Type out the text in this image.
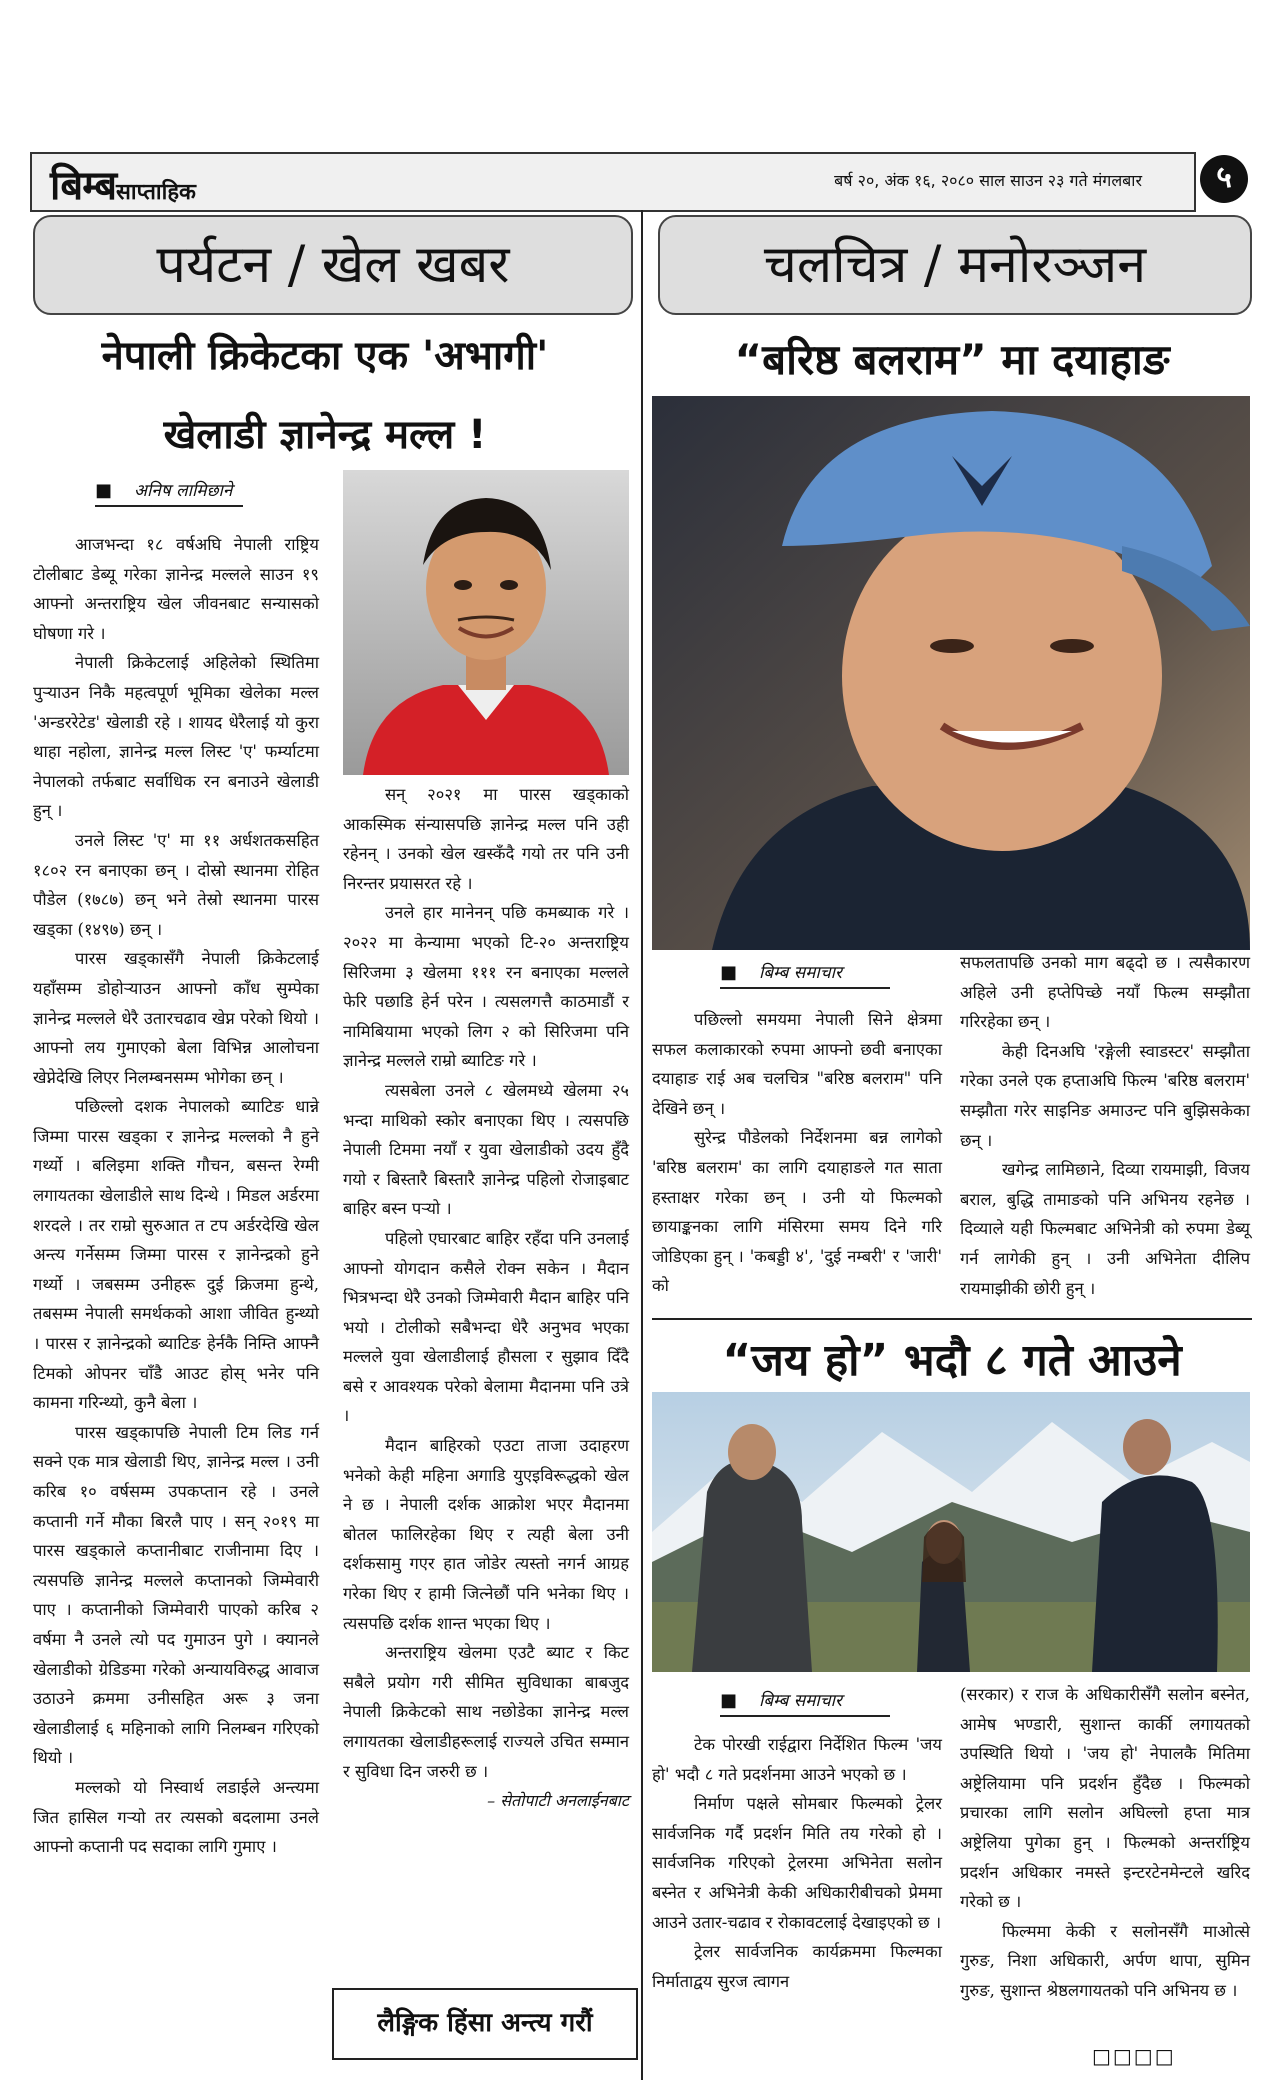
बिम्बसाप्ताहिक	बर्ष २०, अंक १६, २०८० साल साउन २३ गते मंगलबार	५
पर्यटन / खेल खबर	चलचित्र / मनोरञ्जन
नेपाली क्रिकेटका एक 'अभागी'
खेलाडी ज्ञानेन्द्र मल्ल !
■ अनिष लामिछाने

आजभन्दा १८ वर्षअघि नेपाली राष्ट्रिय टोलीबाट डेब्यू गरेका ज्ञानेन्द्र मल्लले साउन १९ आफ्नो अन्तराष्ट्रिय खेल जीवनबाट सन्यासको घोषणा गरे ।

नेपाली क्रिकेटलाई अहिलेको स्थितिमा पुऱ्याउन निकै महत्वपूर्ण भूमिका खेलेका मल्ल 'अन्डररेटेड' खेलाडी रहे । शायद धेरैलाई यो कुरा थाहा नहोला, ज्ञानेन्द्र मल्ल लिस्ट 'ए' फर्म्याटमा नेपालको तर्फबाट सर्वाधिक रन बनाउने खेलाडी हुन् ।

उनले लिस्ट 'ए' मा ११ अर्धशतकसहित १८०२ रन बनाएका छन् । दोस्रो स्थानमा रोहित पौडेल (१७८७) छन् भने तेस्रो स्थानमा पारस खड्का (१४९७) छन् ।

पारस खड्कासँगै नेपाली क्रिकेटलाई यहाँसम्म डोहोऱ्याउन आफ्नो काँध सुम्पेका ज्ञानेन्द्र मल्लले धेरै उतारचढाव खेप्न परेको थियो । आफ्नो लय गुमाएको बेला विभिन्न आलोचना खेप्नेदेखि लिएर निलम्बनसम्म भोगेका छन् ।

पछिल्लो दशक नेपालको ब्याटिङ धान्ने जिम्मा पारस खड्का र ज्ञानेन्द्र मल्लको नै हुने गर्थ्यो । बलिइमा शक्ति गौचन, बसन्त रेग्मी लगायतका खेलाडीले साथ दिन्थे । मिडल अर्डरमा शरदले । तर राम्रो सुरुआत त टप अर्डरदेखि खेल अन्त्य गर्नेसम्म जिम्मा पारस र ज्ञानेन्द्रको हुने गर्थ्यो । जबसम्म उनीहरू दुई क्रिजमा हुन्थे, तबसम्म नेपाली समर्थकको आशा जीवित हुन्थ्यो । पारस र ज्ञानेन्द्रको ब्याटिङ हेर्नकै निम्ति आफ्नै टिमको ओपनर चाँडै आउट होस् भनेर पनि कामना गरिन्थ्यो, कुनै बेला ।

पारस खड्कापछि नेपाली टिम लिड गर्न सक्ने एक मात्र खेलाडी थिए, ज्ञानेन्द्र मल्ल । उनी करिब १० वर्षसम्म उपकप्तान रहे । उनले कप्तानी गर्ने मौका बिरलै पाए । सन् २०१९ मा पारस खड्काले कप्तानीबाट राजीनामा दिए । त्यसपछि ज्ञानेन्द्र मल्लले कप्तानको जिम्मेवारी पाए । कप्तानीको जिम्मेवारी पाएको करिब २ वर्षमा नै उनले त्यो पद गुमाउन पुगे । क्यानले खेलाडीको ग्रेडिङमा गरेको अन्यायविरुद्ध आवाज उठाउने क्रममा उनीसहित अरू ३ जना खेलाडीलाई ६ महिनाको लागि निलम्बन गरिएको थियो ।

मल्लको यो निस्वार्थ लडाईले अन्त्यमा जित हासिल गऱ्यो तर त्यसको बदलामा उनले आफ्नो कप्तानी पद सदाका लागि गुमाए ।

सन् २०२१ मा पारस खड्काको आकस्मिक संन्यासपछि ज्ञानेन्द्र मल्ल पनि उही रहेनन् । उनको खेल खस्कँदै गयो तर पनि उनी निरन्तर प्रयासरत रहे ।

उनले हार मानेनन् पछि कमब्याक गरे । २०२२ मा केन्यामा भएको टि-२० अन्तराष्ट्रिय सिरिजमा ३ खेलमा १११ रन बनाएका मल्लले फेरि पछाडि हेर्न परेन । त्यसलगत्तै काठमाडौं र नामिबियामा भएको लिग २ को सिरिजमा पनि ज्ञानेन्द्र मल्लले राम्रो ब्याटिङ गरे ।

त्यसबेला उनले ८ खेलमध्ये खेलमा २५ भन्दा माथिको स्कोर बनाएका थिए । त्यसपछि नेपाली टिममा नयाँ र युवा खेलाडीको उदय हुँदै गयो र बिस्तारै बिस्तारै ज्ञानेन्द्र पहिलो रोजाइबाट बाहिर बस्न पऱ्यो ।

पहिलो एघारबाट बाहिर रहँदा पनि उनलाई आफ्नो योगदान कसैले रोक्न सकेन । मैदान भित्रभन्दा धेरै उनको जिम्मेवारी मैदान बाहिर पनि भयो । टोलीको सबैभन्दा धेरै अनुभव भएका मल्लले युवा खेलाडीलाई हौसला र सुझाव दिँदै बसे र आवश्यक परेको बेलामा मैदानमा पनि उत्रे ।

मैदान बाहिरको एउटा ताजा उदाहरण भनेको केही महिना अगाडि युएइविरूद्धको खेल ने छ । नेपाली दर्शक आक्रोश भएर मैदानमा बोतल फालिरहेका थिए र त्यही बेला उनी दर्शकसामु गएर हात जोडेर त्यस्तो नगर्न आग्रह गरेका थिए र हामी जित्नेछौं पनि भनेका थिए । त्यसपछि दर्शक शान्त भएका थिए ।

अन्तराष्ट्रिय खेलमा एउटै ब्याट र किट सबैले प्रयोग गरी सीमित सुविधाका बाबजुद नेपाली क्रिकेटको साथ नछोडेका ज्ञानेन्द्र मल्ल लगायतका खेलाडीहरूलाई राज्यले उचित सम्मान र सुविधा दिन जरुरी छ ।

– सेतोपाटी अनलाईनबाट
लैङ्गिक हिंसा अन्त्य गरौं
“बरिष्ठ बलराम” मा दयाहाङ
■ बिम्ब समाचार

पछिल्लो समयमा नेपाली सिने क्षेत्रमा सफल कलाकारको रुपमा आफ्नो छवी बनाएका दयाहाङ राई अब चलचित्र "बरिष्ठ बलराम" पनि देखिने छन् ।

सुरेन्द्र पौडेलको निर्देशनमा बन्न लागेको 'बरिष्ठ बलराम' का लागि दयाहाङले गत साता हस्ताक्षर गरेका छन् । उनी यो फिल्मको छायाङ्कनका लागि मंसिरमा समय दिने गरि जोडिएका हुन् । 'कबड्डी ४', 'दुई नम्बरी' र 'जारी' को

सफलतापछि उनको माग बढ्दो छ । त्यसैकारण अहिले उनी हप्तेपिच्छे नयाँ फिल्म सम्झौता गरिरहेका छन् ।

केही दिनअघि 'रङ्गेली स्वाडस्टर' सम्झौता गरेका उनले एक हप्ताअघि फिल्म 'बरिष्ठ बलराम' सम्झौता गरेर साइनिङ अमाउन्ट पनि बुझिसकेका छन् ।

खगेन्द्र लामिछाने, दिव्या रायमाझी, विजय बराल, बुद्धि तामाङको पनि अभिनय रहनेछ । दिव्याले यही फिल्मबाट अभिनेत्री को रुपमा डेब्यू गर्न लागेकी हुन् । उनी अभिनेता दीलिप रायमाझीकी छोरी हुन् ।

“जय हो” भदौ ८ गते आउने
■ बिम्ब समाचार

टेक पोरखी राईद्वारा निर्देशित फिल्म 'जय हो' भदौ ८ गते प्रदर्शनमा आउने भएको छ ।

निर्माण पक्षले सोमबार फिल्मको ट्रेलर सार्वजनिक गर्दै प्रदर्शन मिति तय गरेको हो । सार्वजनिक गरिएको ट्रेलरमा अभिनेता सलोन बस्नेत र अभिनेत्री केकी अधिकारीबीचको प्रेममा आउने उतार-चढाव र रोकावटलाई देखाइएको छ ।

ट्रेलर सार्वजनिक कार्यक्रममा फिल्मका निर्माताद्वय सुरज त्वागन

(सरकार) र राज के अधिकारीसँगै सलोन बस्नेत, आमेष भण्डारी, सुशान्त कार्की लगायतको उपस्थिति थियो । 'जय हो' नेपालकै मितिमा अष्ट्रेलियामा पनि प्रदर्शन हुँदैछ । फिल्मको प्रचारका लागि सलोन अघिल्लो हप्ता मात्र अष्ट्रेलिया पुगेका हुन् । फिल्मको अन्तर्राष्ट्रिय प्रदर्शन अधिकार नमस्ते इन्टरटेनमेन्टले खरिद गरेको छ ।

फिल्ममा केकी र सलोनसँगै माओत्से गुरुङ, निशा अधिकारी, अर्पण थापा, सुमिन गुरुङ, सुशान्त श्रेष्ठलगायतको पनि अभिनय छ ।

□□□□
